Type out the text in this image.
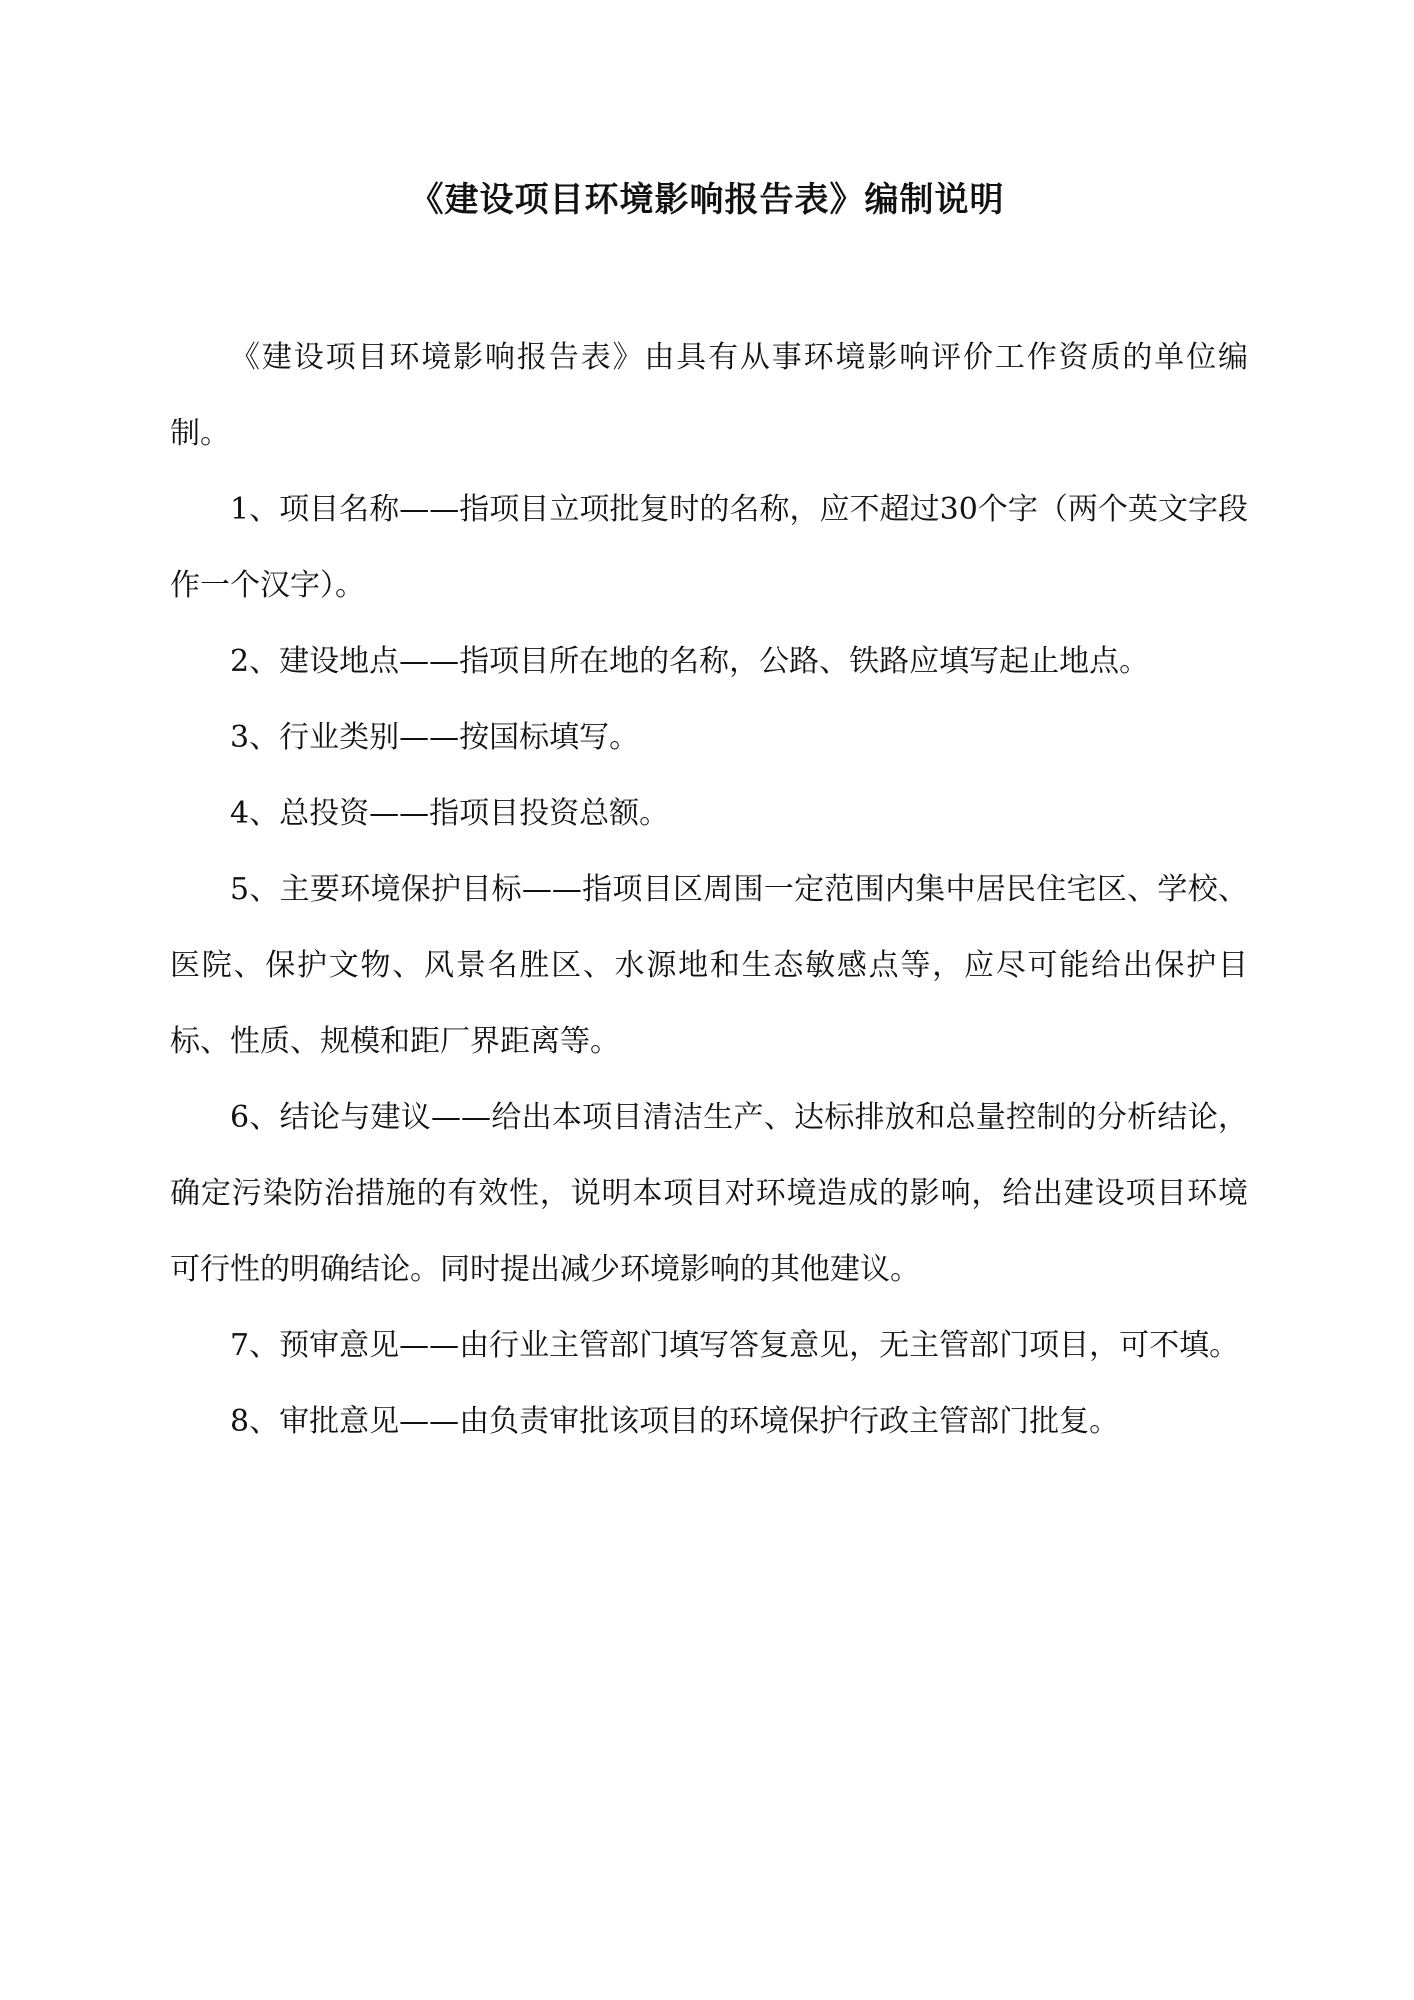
《建设项目环境影响报告表》编制说明

《建设项目环境影响报告表》由具有从事环境影响评价工作资质的单位编制。

1、项目名称——指项目立项批复时的名称，应不超过30个字（两个英文字段作一个汉字）。

2、建设地点——指项目所在地的名称，公路、铁路应填写起止地点。

3、行业类别——按国标填写。

4、总投资——指项目投资总额。

5、主要环境保护目标——指项目区周围一定范围内集中居民住宅区、学校、医院、保护文物、风景名胜区、水源地和生态敏感点等，应尽可能给出保护目标、性质、规模和距厂界距离等。

6、结论与建议——给出本项目清洁生产、达标排放和总量控制的分析结论，确定污染防治措施的有效性，说明本项目对环境造成的影响，给出建设项目环境可行性的明确结论。同时提出减少环境影响的其他建议。

7、预审意见——由行业主管部门填写答复意见，无主管部门项目，可不填。

8、审批意见——由负责审批该项目的环境保护行政主管部门批复。
